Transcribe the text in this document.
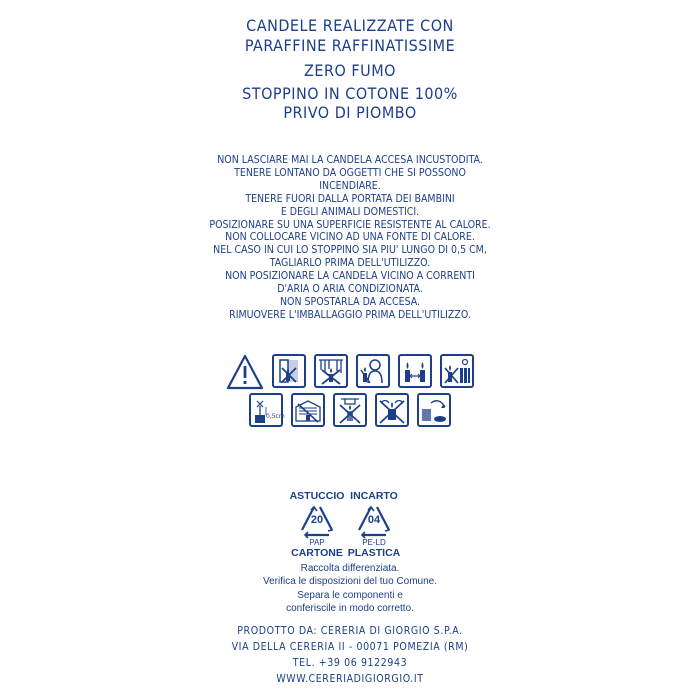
CANDELE REALIZZATE CON
PARAFFINE RAFFINATISSIME
ZERO FUMO
STOPPINO IN COTONE 100%
PRIVO DI PIOMBO
NON LASCIARE MAI LA CANDELA ACCESA INCUSTODITA.
TENERE LONTANO DA OGGETTI CHE SI POSSONO
INCENDIARE.
TENERE FUORI DALLA PORTATA DEI BAMBINI
E DEGLI ANIMALI DOMESTICI.
POSIZIONARE SU UNA SUPERFICIE RESISTENTE AL CALORE.
NON COLLOCARE VICINO AD UNA FONTE DI CALORE.
NEL CASO IN CUI LO STOPPINO SIA PIU' LUNGO DI 0,5 CM,
TAGLIARLO PRIMA DELL'UTILIZZO.
NON POSIZIONARE LA CANDELA VICINO A CORRENTI
D'ARIA O ARIA CONDIZIONATA.
NON SPOSTARLA DA ACCESA.
RIMUOVERE L'IMBALLAGGIO PRIMA DELL'UTILIZZO.
0,5cm
ASTUCCIO
20
PAP
CARTONE
INCARTO
04
PE-LD
PLASTICA
Raccolta differenziata.
Verifica le disposizioni del tuo Comune.
Separa le componenti e
conferiscile in modo corretto.
PRODOTTO DA: CERERIA DI GIORGIO S.P.A.
VIA DELLA CERERIA II - 00071 POMEZIA (RM)
TEL. +39 06 9122943
WWW.CERERIADIGIORGIO.IT
